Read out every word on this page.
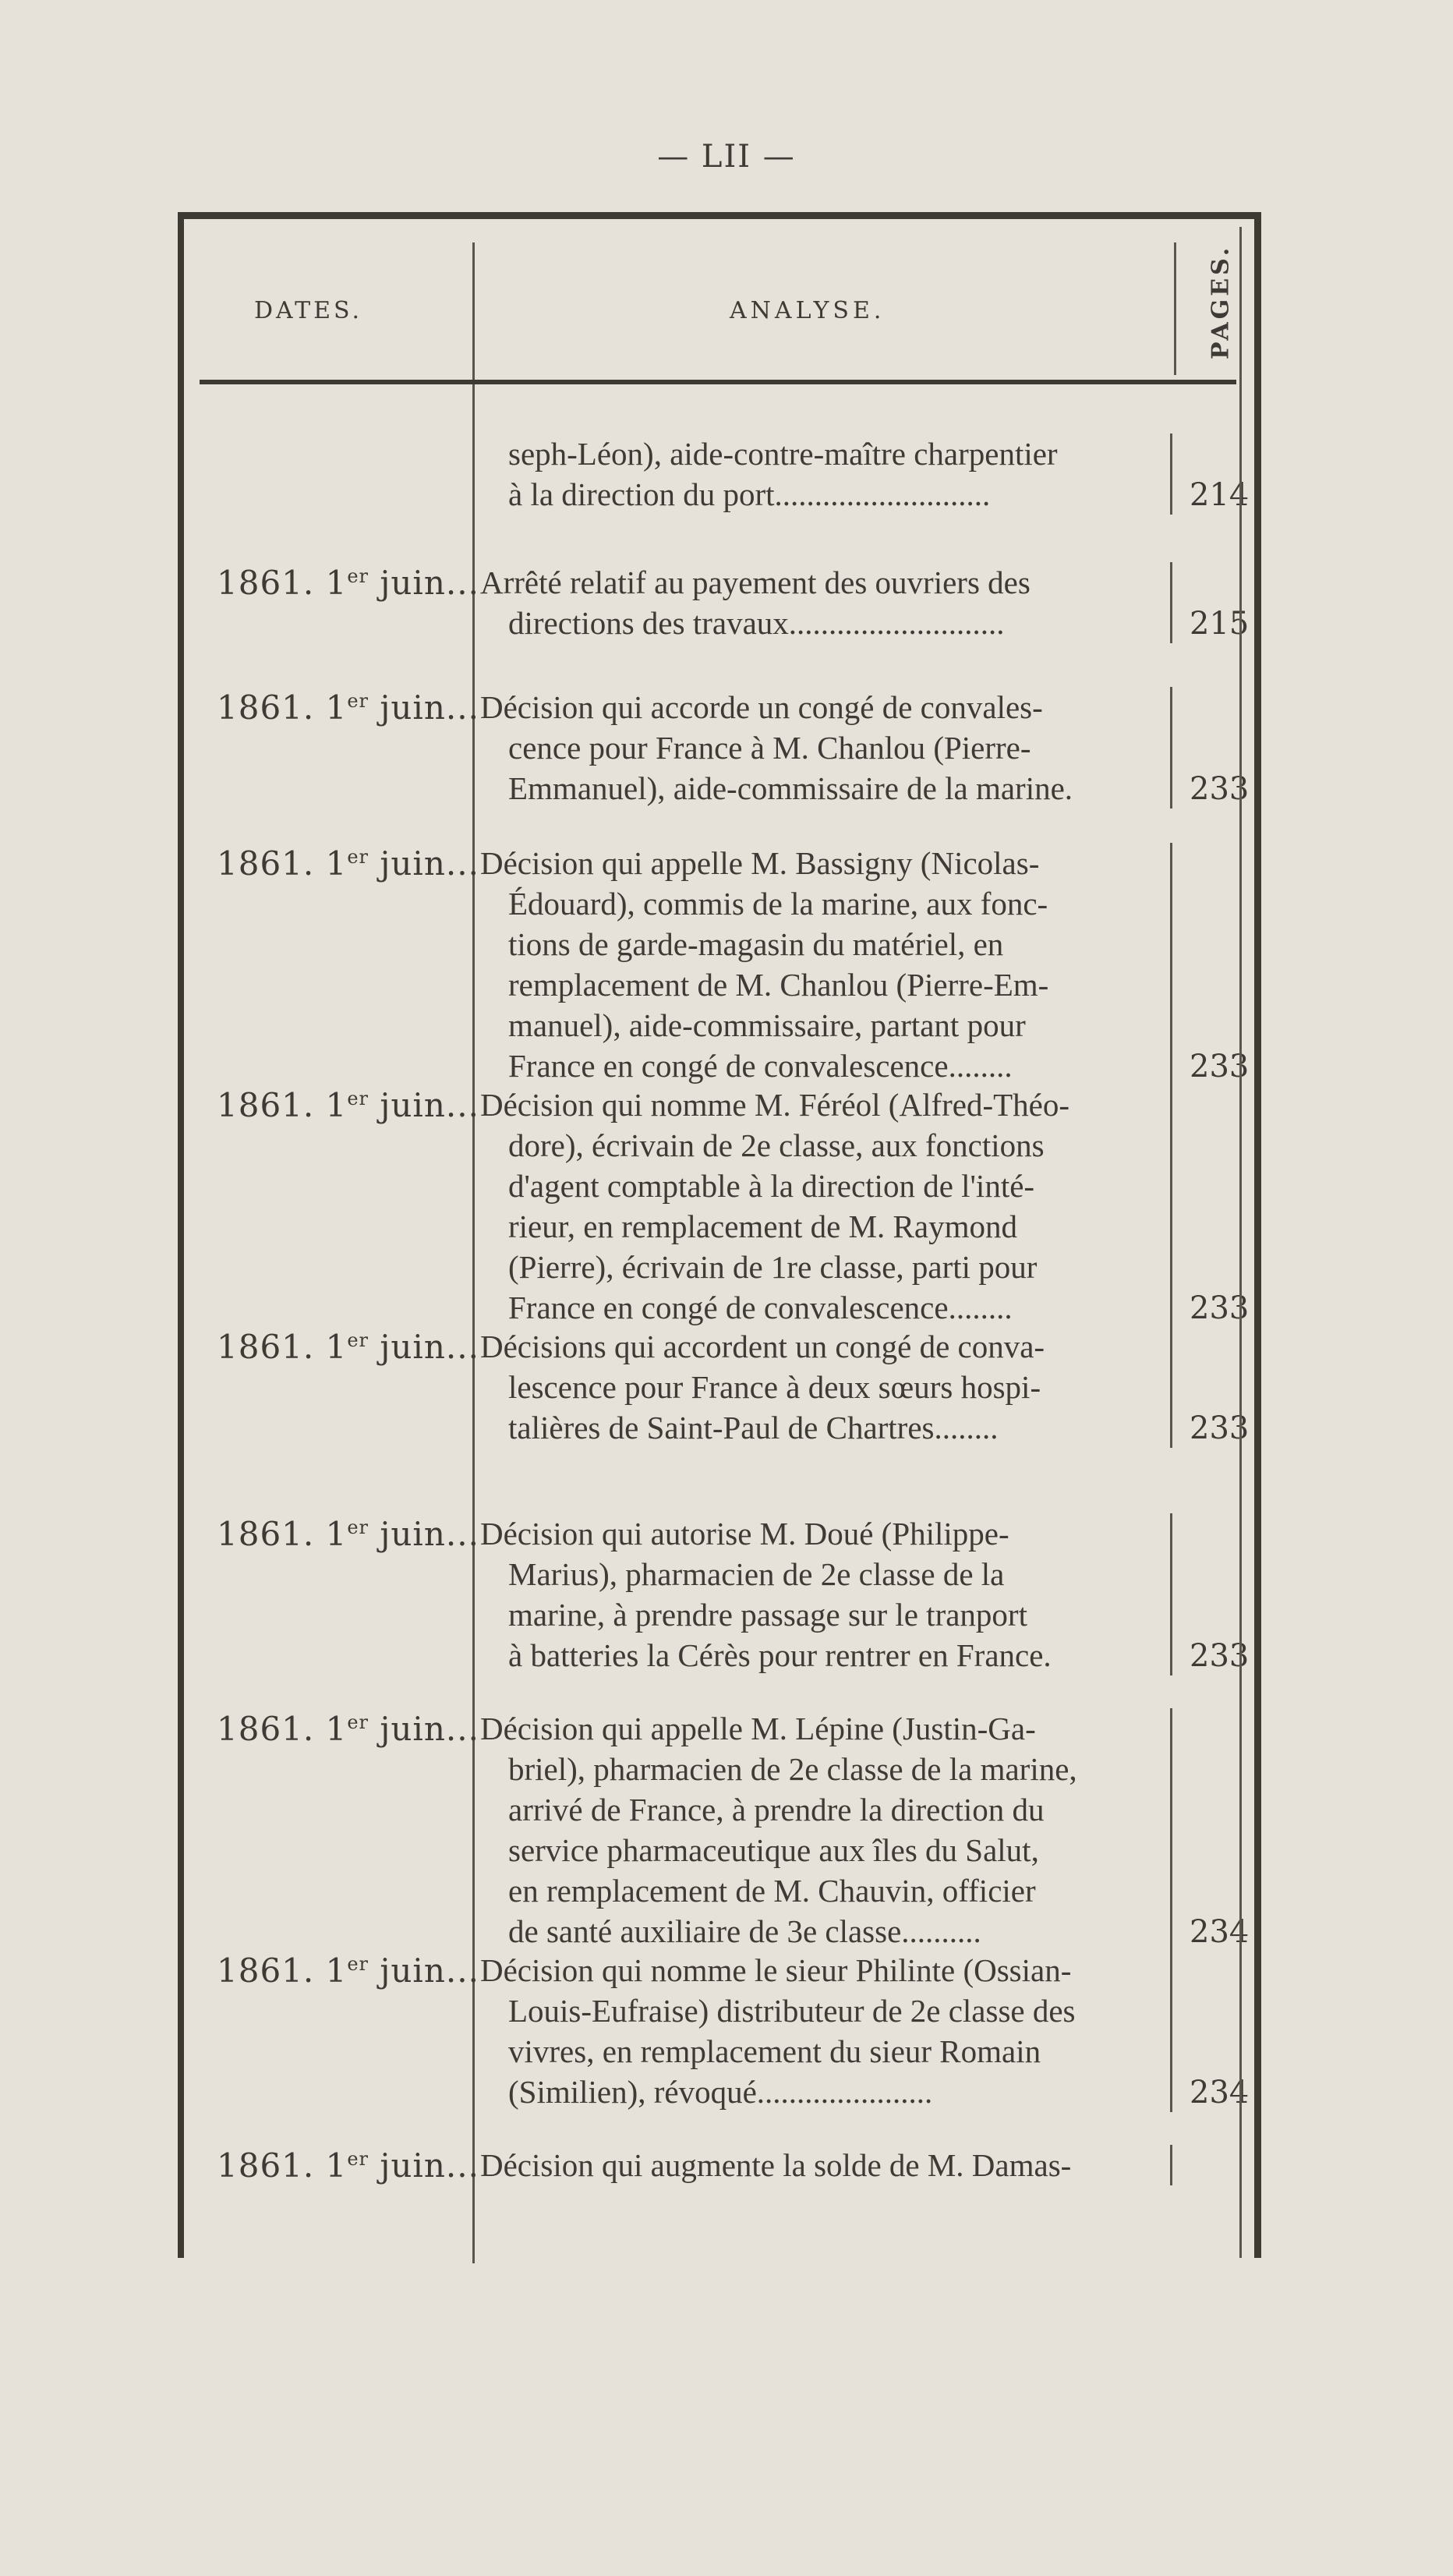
— LII —
DATES.	ANALYSE.	PAGES.
seph-Léon), aide-contre-maître charpentier
à la direction du port...........................	214
1861. 1er juin... Arrêté relatif au payement des ouvriers des
directions des travaux...........................	215
1861. 1er juin... Décision qui accorde un congé de convales-
cence pour France à M. Chanlou (Pierre-
Emmanuel), aide-commissaire de la marine.	233
1861. 1er juin... Décision qui appelle M. Bassigny (Nicolas-
Édouard), commis de la marine, aux fonc-
tions de garde-magasin du matériel, en
remplacement de M. Chanlou (Pierre-Em-
manuel), aide-commissaire, partant pour
France en congé de convalescence........	233
1861. 1er juin... Décision qui nomme M. Féréol (Alfred-Théo-
dore), écrivain de 2e classe, aux fonctions
d'agent comptable à la direction de l'inté-
rieur, en remplacement de M. Raymond
(Pierre), écrivain de 1re classe, parti pour
France en congé de convalescence........	233
1861. 1er juin... Décisions qui accordent un congé de conva-
lescence pour France à deux sœurs hospi-
talières de Saint-Paul de Chartres........	233
1861. 1er juin... Décision qui autorise M. Doué (Philippe-
Marius), pharmacien de 2e classe de la
marine, à prendre passage sur le tranport
à batteries la Cérès pour rentrer en France.	233
1861. 1er juin... Décision qui appelle M. Lépine (Justin-Ga-
briel), pharmacien de 2e classe de la marine,
arrivé de France, à prendre la direction du
service pharmaceutique aux îles du Salut,
en remplacement de M. Chauvin, officier
de santé auxiliaire de 3e classe..........	234
1861. 1er juin... Décision qui nomme le sieur Philinte (Ossian-
Louis-Eufraise) distributeur de 2e classe des
vivres, en remplacement du sieur Romain
(Similien), révoqué......................	234
1861. 1er juin... Décision qui augmente la solde de M. Damas-
